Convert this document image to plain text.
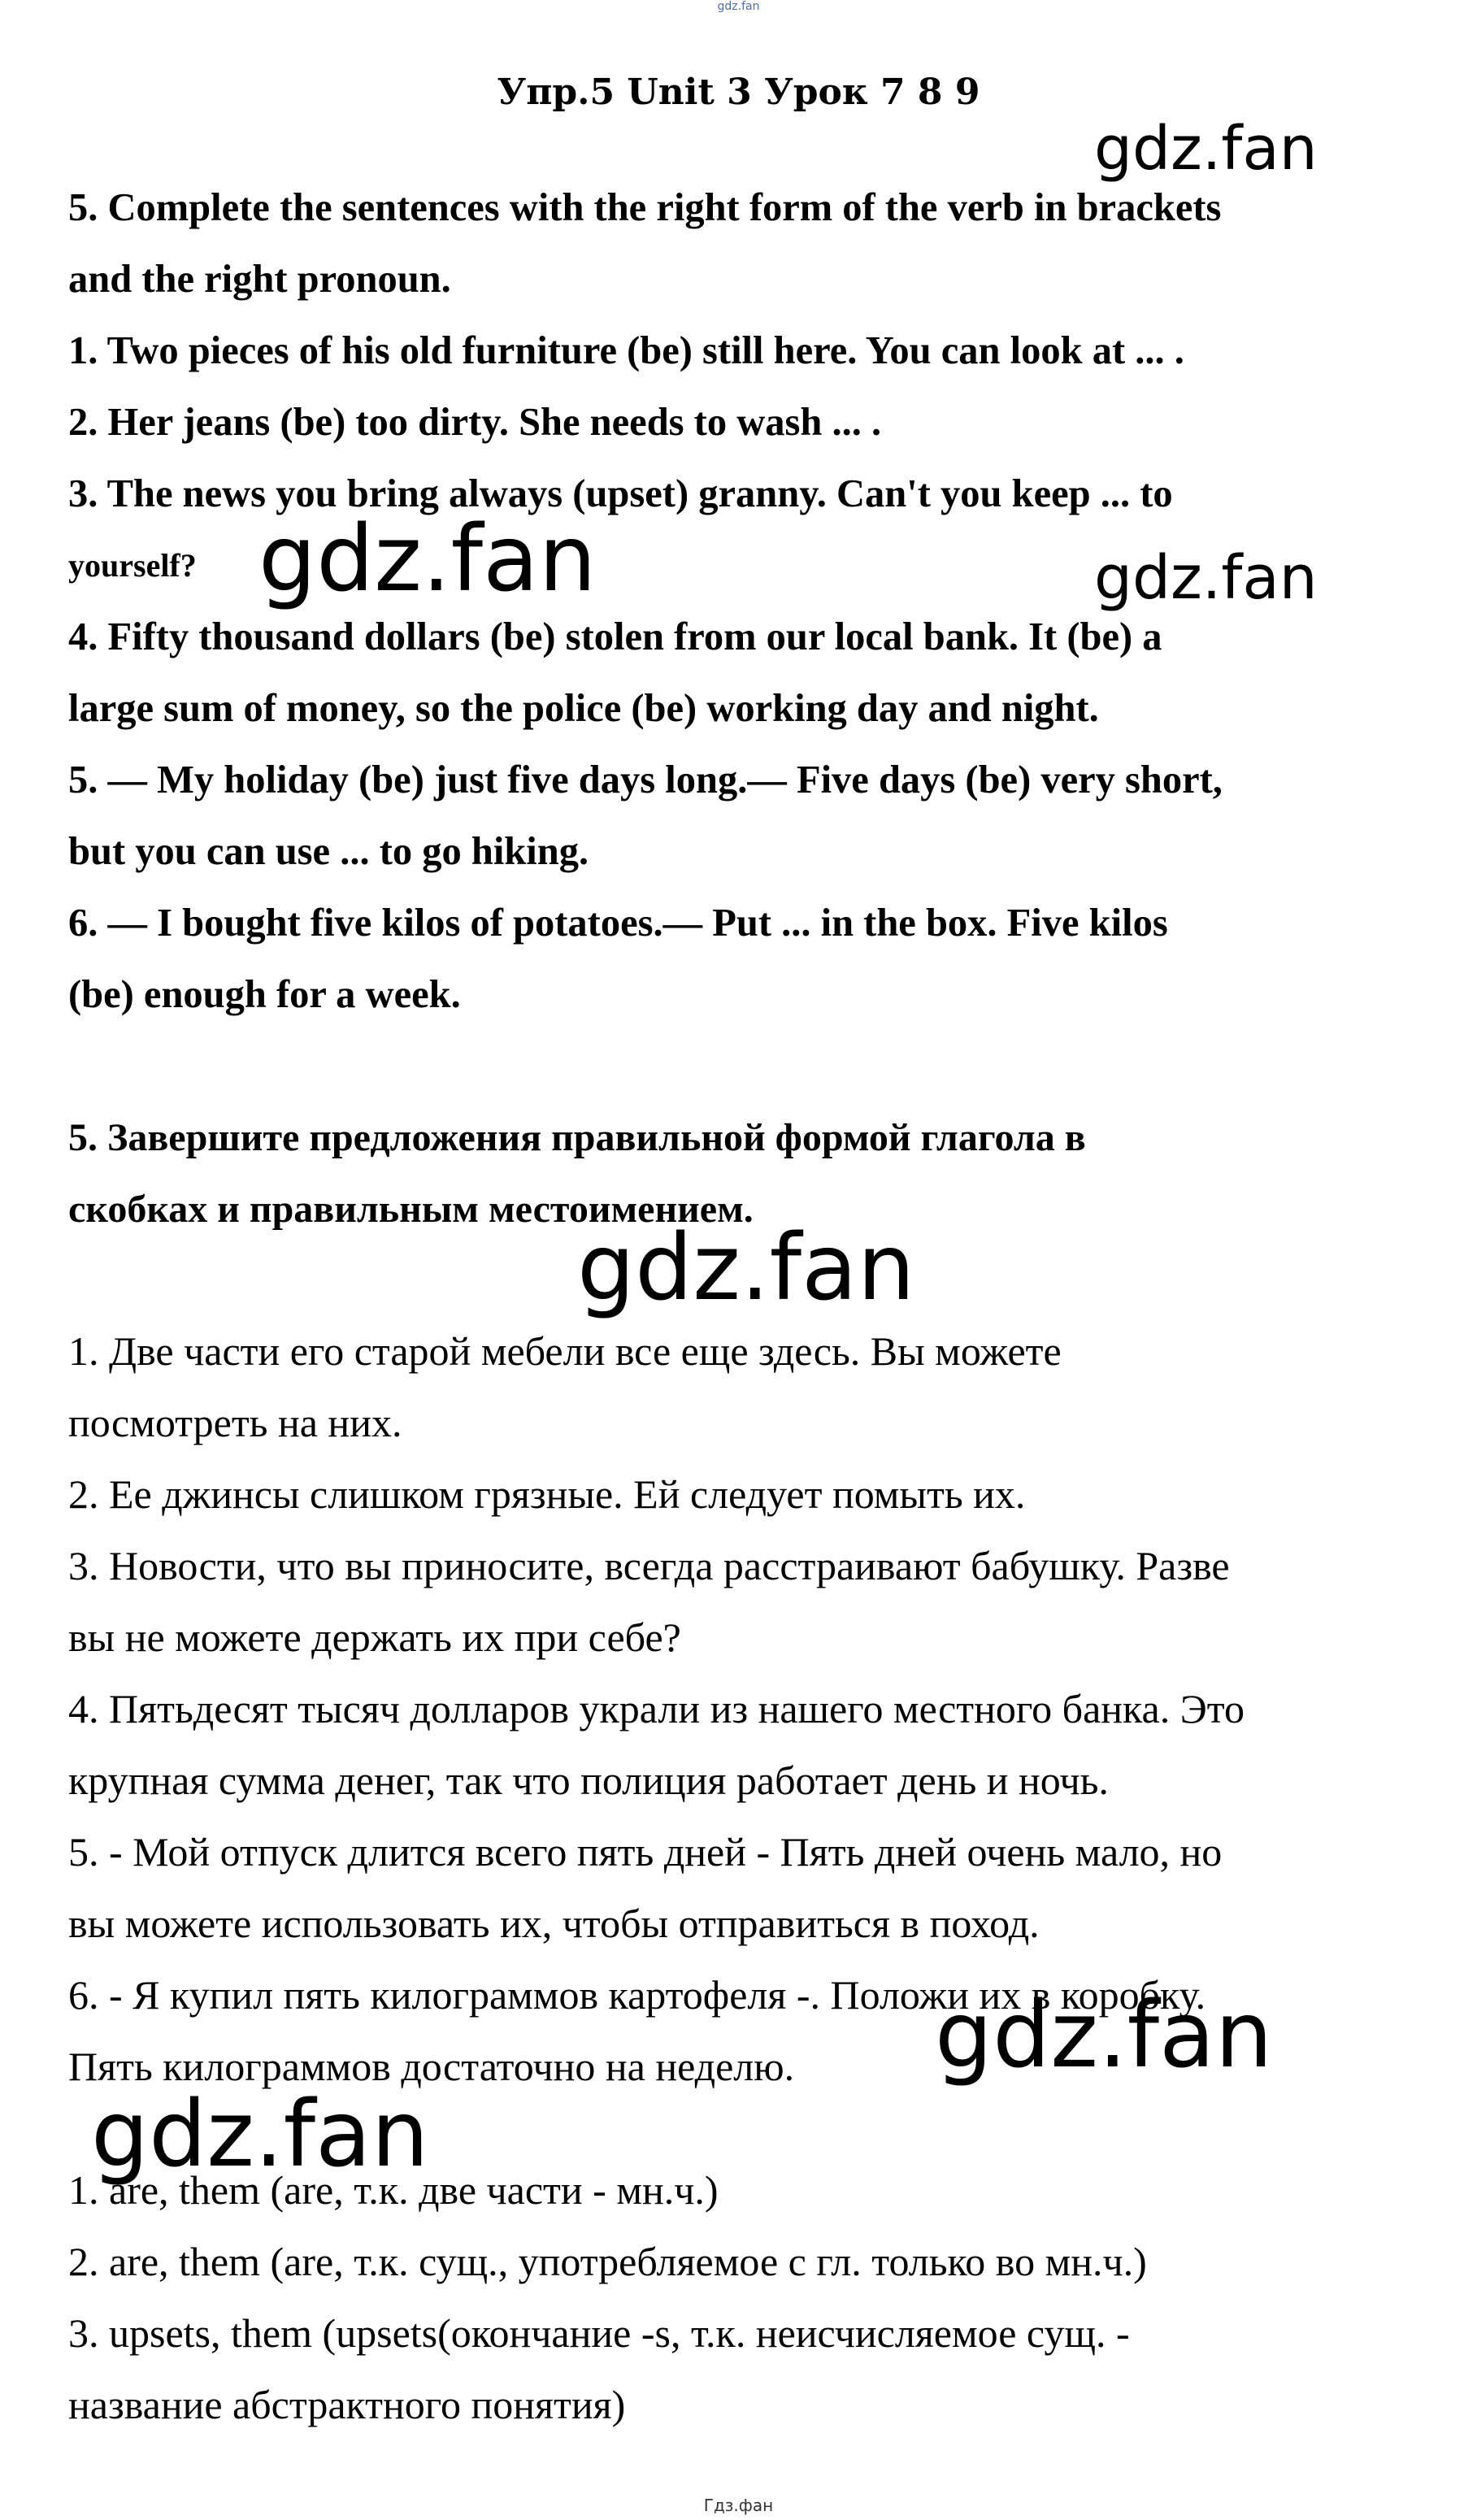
gdz.fan
Упр.5 Unit 3 Урок 7 8 9
5. Complete the sentences with the right form of the verb in brackets
and the right pronoun.
1. Two pieces of his old furniture (be) still here. You can look at ... .
2. Her jeans (be) too dirty. She needs to wash ... .
3. The news you bring always (upset) granny. Can't you keep ... to
yourself?
4. Fifty thousand dollars (be) stolen from our local bank. It (be) a
large sum of money, so the police (be) working day and night.
5. — My holiday (be) just five days long.— Five days (be) very short,
but you can use ... to go hiking.
6. — I bought five kilos of potatoes.— Put ... in the box. Five kilos
(be) enough for a week.
5. Завершите предложения правильной формой глагола в
скобках и правильным местоимением.
1. Две части его старой мебели все еще здесь. Вы можете
посмотреть на них.
2. Ее джинсы слишком грязные. Ей следует помыть их.
3. Новости, что вы приносите, всегда расстраивают бабушку. Разве
вы не можете держать их при себе?
4. Пятьдесят тысяч долларов украли из нашего местного банка. Это
крупная сумма денег, так что полиция работает день и ночь.
5. - Мой отпуск длится всего пять дней - Пять дней очень мало, но
вы можете использовать их, чтобы отправиться в поход.
6. - Я купил пять килограммов картофеля -. Положи их в коробку.
Пять килограммов достаточно на неделю.
1. are, them (are, т.к. две части - мн.ч.)
2. are, them (are, т.к. сущ., употребляемое с гл. только во мн.ч.)
3. upsets, them (upsets(окончание -s, т.к. неисчисляемое сущ. -
название абстрактного понятия)
gdz.fan
gdz.fan	gdz.fan
gdz.fan
gdz.fan
gdz.fan
Гдз.фан
